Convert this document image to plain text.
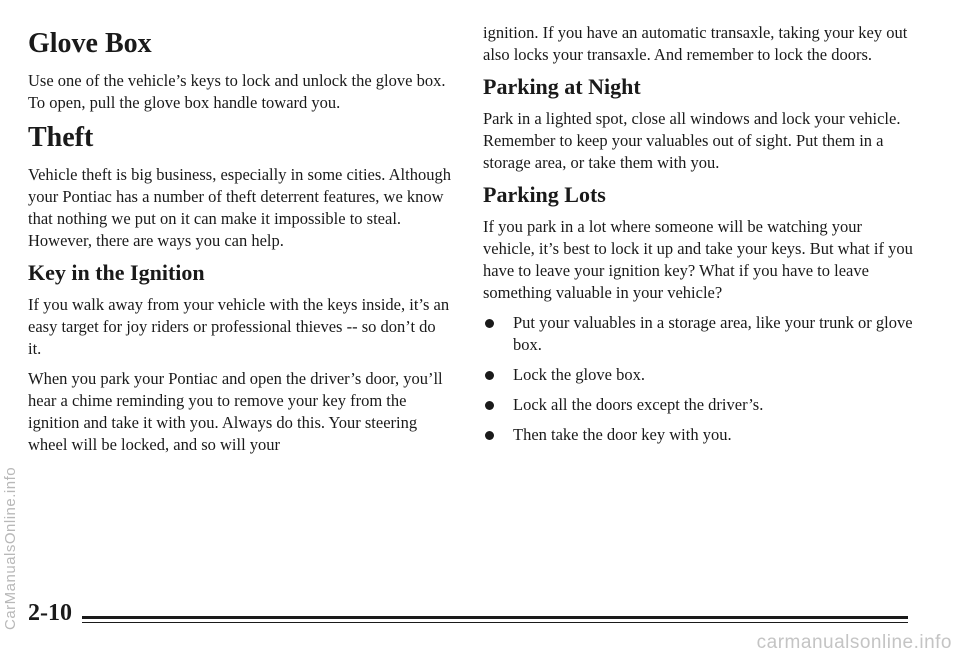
Glove Box

Use one of the vehicle’s keys to lock and unlock the glove box. To open, pull the glove box handle toward you.

Theft

Vehicle theft is big business, especially in some cities. Although your Pontiac has a number of theft deterrent features, we know that nothing we put on it can make it impossible to steal. However, there are ways you can help.

Key in the Ignition

If you walk away from your vehicle with the keys inside, it’s an easy target for joy riders or professional thieves -- so don’t do it.

When you park your Pontiac and open the driver’s door, you’ll hear a chime reminding you to remove your key from the ignition and take it with you. Always do this. Your steering wheel will be locked, and so will your

ignition. If you have an automatic transaxle, taking your key out also locks your transaxle. And remember to lock the doors.

Parking at Night

Park in a lighted spot, close all windows and lock your vehicle. Remember to keep your valuables out of sight. Put them in a storage area, or take them with you.

Parking Lots

If you park in a lot where someone will be watching your vehicle, it’s best to lock it up and take your keys. But what if you have to leave your ignition key? What if you have to leave something valuable in your vehicle?

Put your valuables in a storage area, like your trunk or glove box.
Lock the glove box.
Lock all the doors except the driver’s.
Then take the door key with you.
2-10
CarManualsOnline.info
carmanualsonline.info
